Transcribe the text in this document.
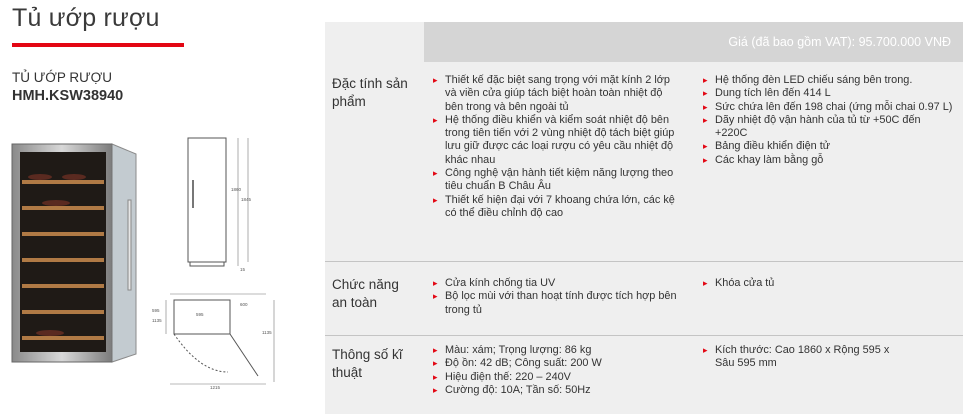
Tủ ướp rượu
TỦ ƯỚP RƯỢU
HMH.KSW38940
1860
1845
15
595
600
595
1135
1135
1215
Giá (đã bao gồm VAT): 95.700.000 VNĐ
Đặc tính sản phẩm
▸ Thiết kế đặc biệt sang trọng với mặt kính 2 lớp và viền cửa giúp tách biệt hoàn toàn nhiệt độ bên trong và bên ngoài tủ
▸ Hệ thống điều khiển và kiểm soát nhiệt độ bên trong tiên tiến với 2 vùng nhiệt độ tách biệt giúp lưu giữ được các loại rượu có yêu cầu nhiệt độ khác nhau
▸ Công nghệ vận hành tiết kiệm năng lượng theo tiêu chuẩn B Châu Âu
▸ Thiết kế hiện đại với 7 khoang chứa lớn, các kệ có thể điều chỉnh độ cao
▸ Hệ thống đèn LED chiếu sáng bên trong.
▸ Dung tích lên đến 414 L
▸ Sức chứa lên đến 198 chai (ứng mỗi chai 0.97 L)
▸ Dãy nhiệt độ vận hành của tủ từ +50C đến +220C
▸ Bảng điều khiển điện tử
▸ Các khay làm bằng gỗ
Chức năng an toàn
▸ Cửa kính chống tia UV
▸ Bộ lọc mùi với than hoạt tính được tích hợp bên trong tủ
▸ Khóa cửa tủ
Thông số kĩ thuật
▸ Màu: xám; Trọng lượng: 86 kg
▸ Độ ồn: 42 dB; Công suất: 200 W
▸ Hiệu điện thế: 220 – 240V
▸ Cường độ: 10A; Tần số: 50Hz
▸ Kích thước: Cao 1860 x Rộng 595 x Sâu 595 mm
